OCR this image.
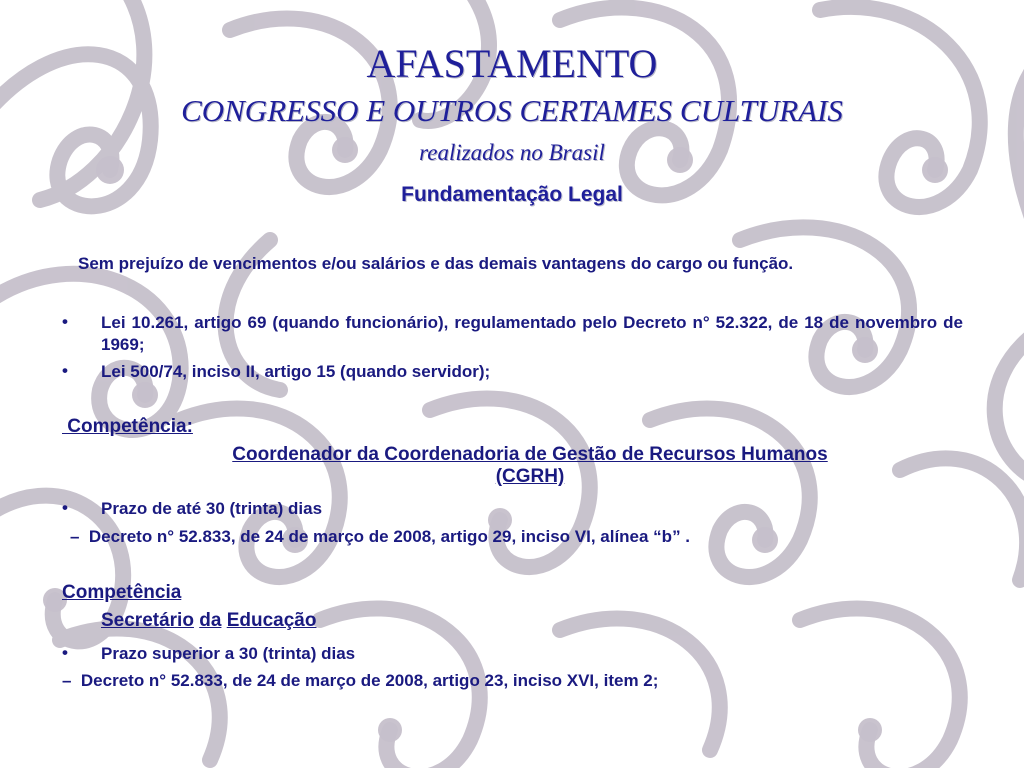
AFASTAMENTO
CONGRESSO E OUTROS CERTAMES CULTURAIS
realizados no Brasil
Fundamentação Legal
Sem prejuízo de vencimentos e/ou salários e das demais vantagens do cargo ou função.
• Lei 10.261, artigo 69 (quando funcionário), regulamentado pelo Decreto n° 52.322, de 18 de novembro de 1969;
• Lei 500/74, inciso II, artigo 15 (quando servidor);
Competência:
Coordenador da Coordenadoria de Gestão de Recursos Humanos
(CGRH)
• Prazo de até 30 (trinta) dias
–  Decreto n° 52.833, de 24 de março de 2008, artigo 29, inciso VI, alínea “b” .
Competência
Secretário da Educação
• Prazo superior a 30 (trinta) dias
–  Decreto n° 52.833, de 24 de março de 2008, artigo 23, inciso XVI, item 2;
